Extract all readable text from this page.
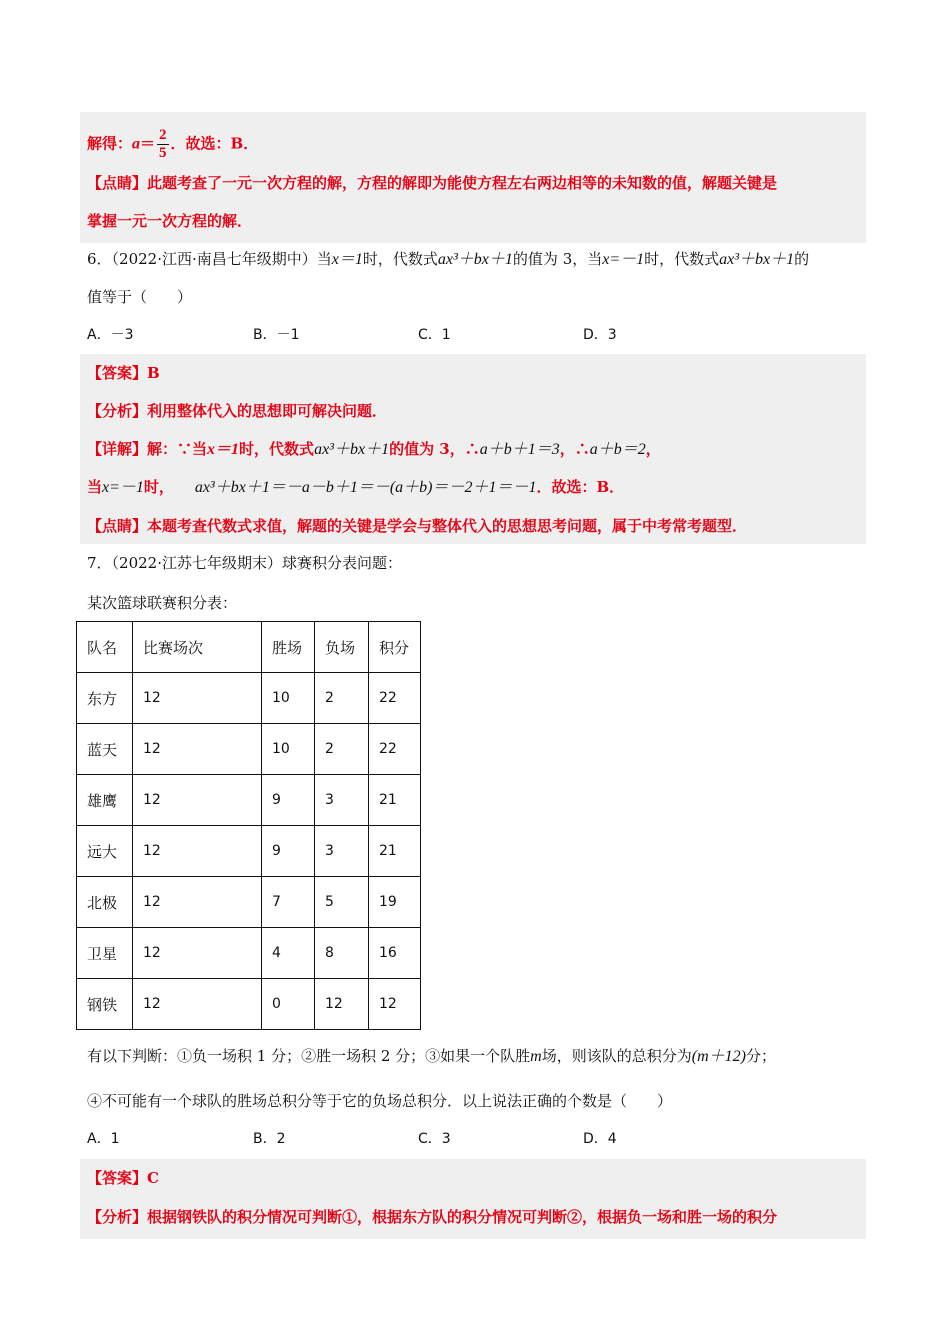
解得：$a= \frac{2}{5}$ ．故选：B．
【点睛】此题考查了一元一次方程的解，方程的解即为能使方程左右两边相等的未知数的值，解题关键是
掌握一元一次方程的解．
6．（2022·江西·南昌七年级期中）当x＝1时，代数式ax³＋bx＋1的值为 3，当x=－1时，代数式ax³＋bx＋1的
值等于（　　）
A．－3	B．－1	C．1	D．3
【答案】B
【分析】利用整体代入的思想即可解决问题．
【详解】解：∵当x＝1时，代数式ax³＋bx＋1的值为 3，∴a＋b＋1＝3，∴a＋b＝2，
当x=－1时， ax³＋bx＋1＝－a－b＋1＝－(a＋b)＝－2＋1＝－1．故选：B．
【点睛】本题考查代数式求值，解题的关键是学会与整体代入的思想思考问题，属于中考常考题型．
7．（2022·江苏七年级期末）球赛积分表问题：
某次篮球联赛积分表：
队名	比赛场次	胜场	负场	积分
东方	12	10	2	22
蓝天	12	10	2	22
雄鹰	12	9	3	21
远大	12	9	3	21
北极	12	7	5	19
卫星	12	4	8	16
钢铁	12	0	12	12
有以下判断：①负一场积 1 分；②胜一场积 2 分；③如果一个队胜m场，则该队的总积分为(m＋12)分；
④不可能有一个球队的胜场总积分等于它的负场总积分．以上说法正确的个数是（　　）
A．1	B．2	C．3	D．4
【答案】C
【分析】根据钢铁队的积分情况可判断①，根据东方队的积分情况可判断②，根据负一场和胜一场的积分
